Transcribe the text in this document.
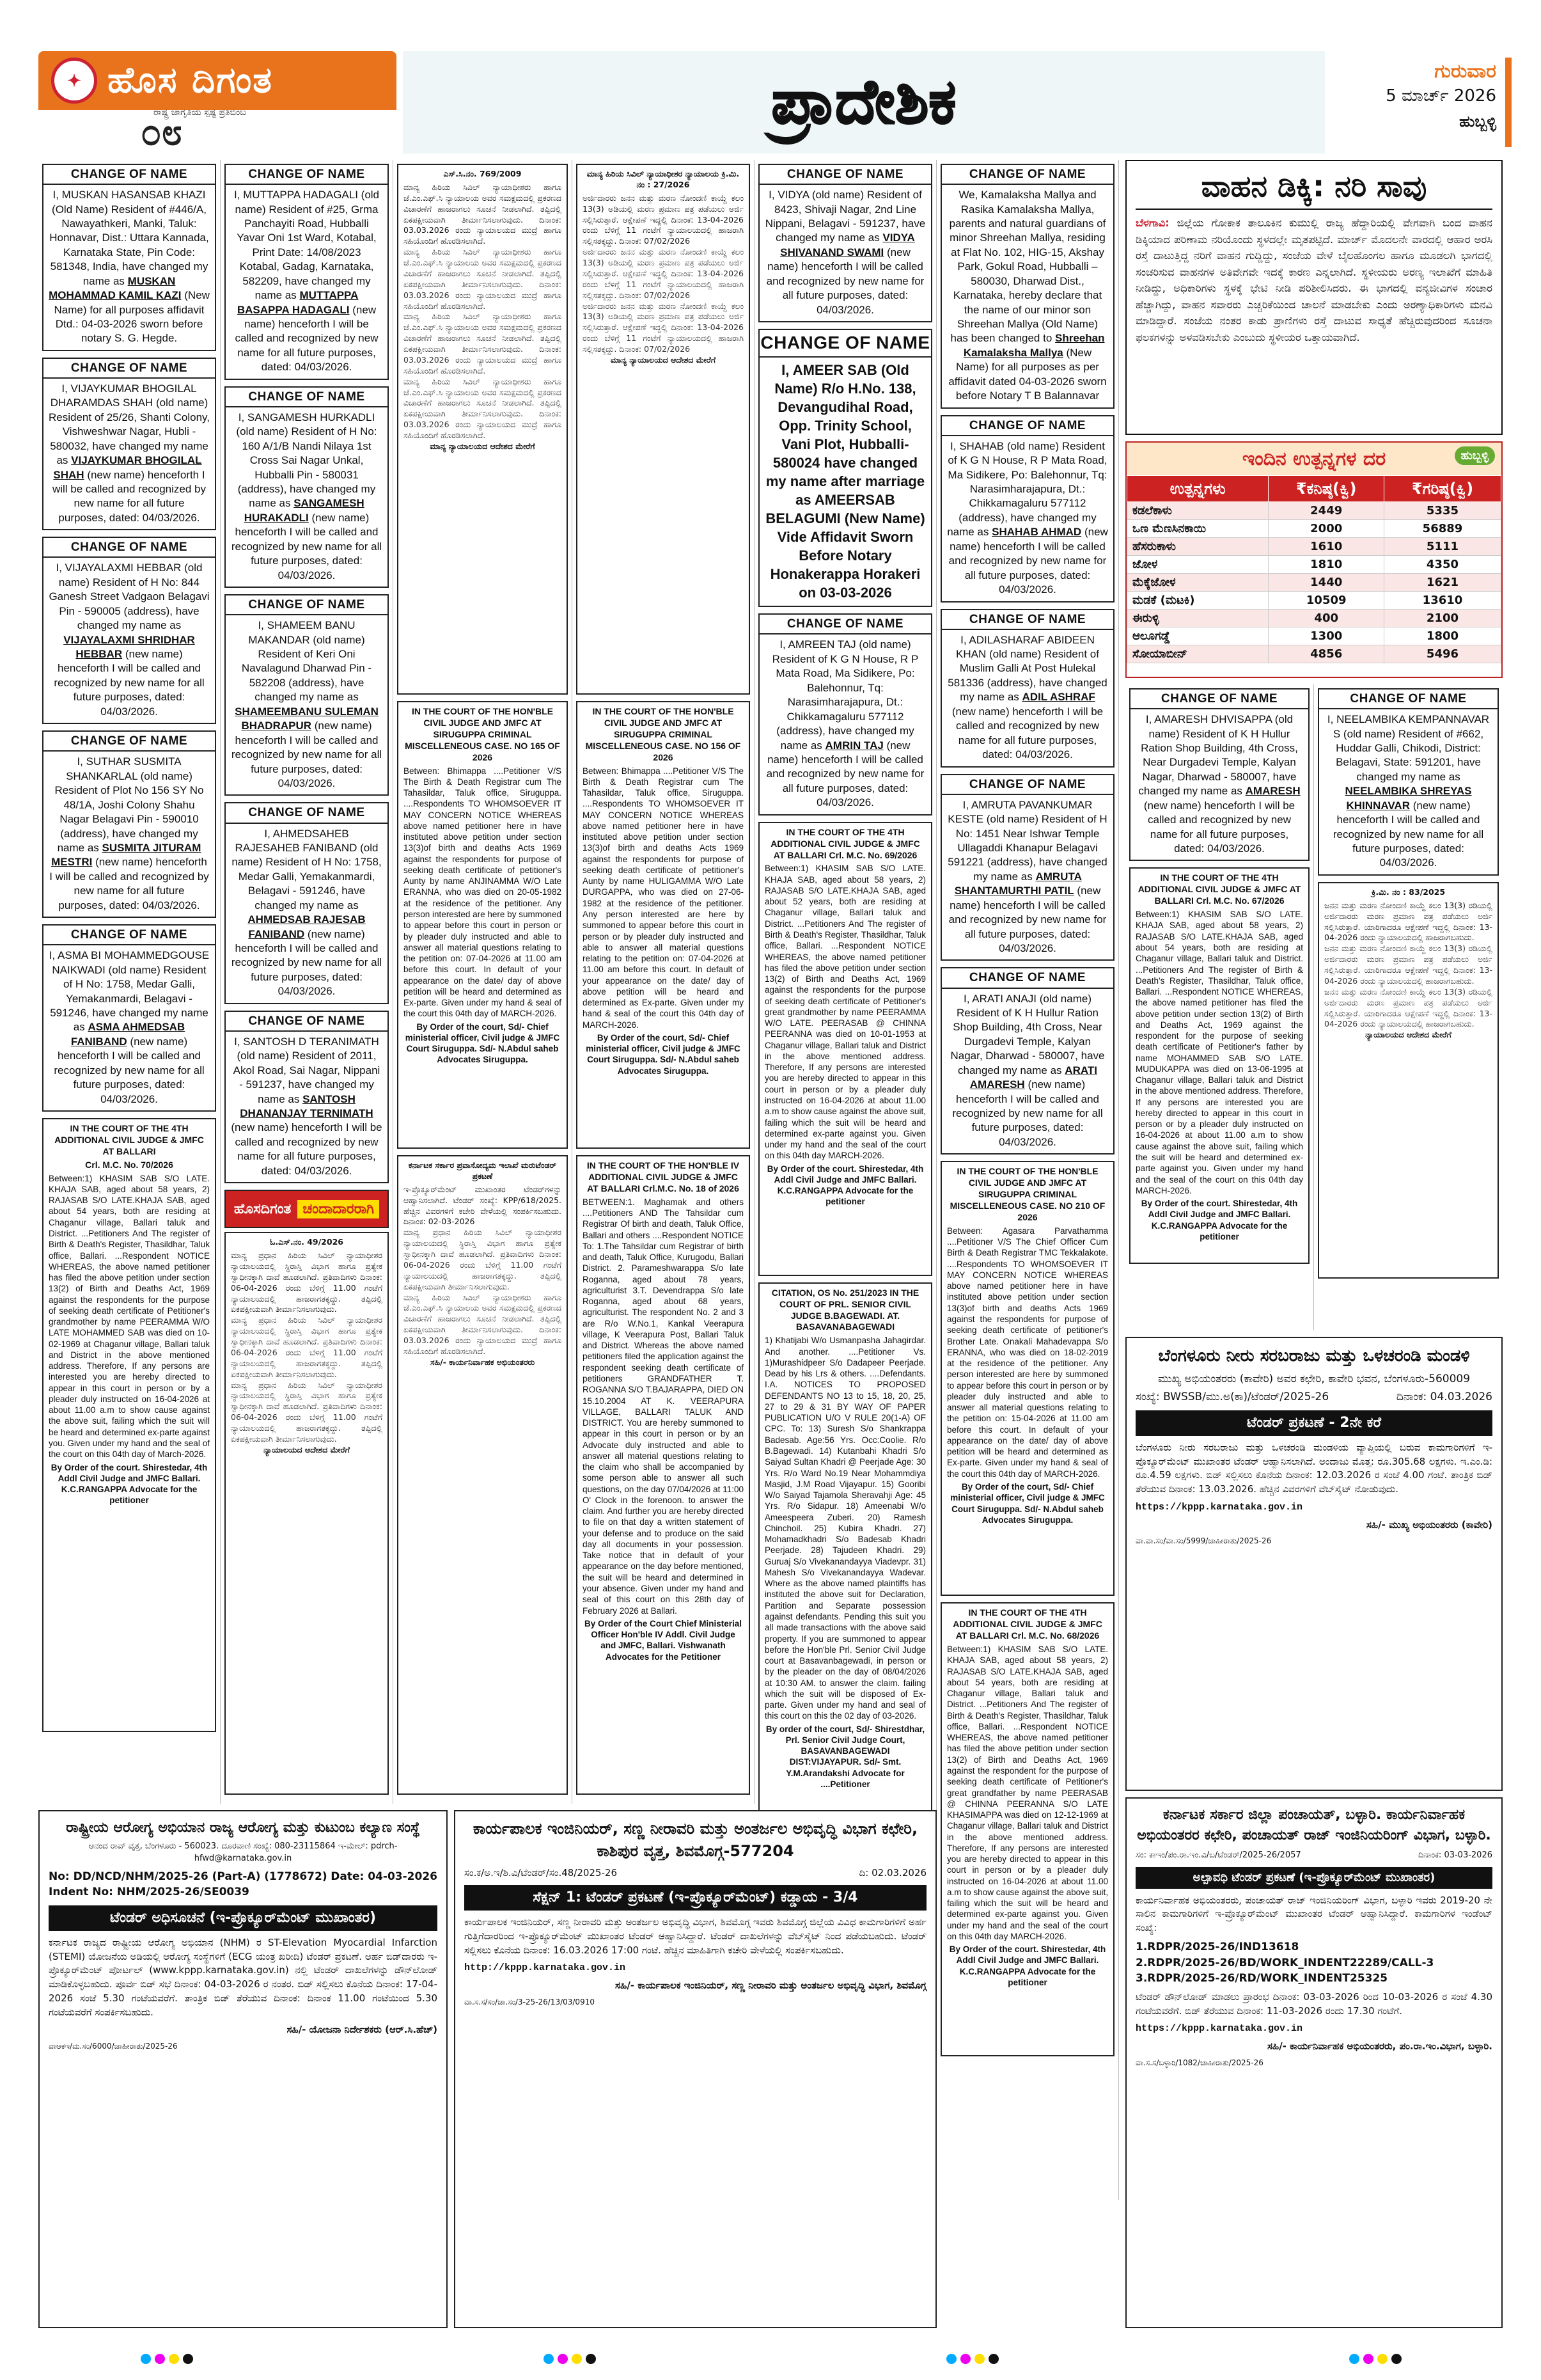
✦ ಹೊಸ ದಿಗಂತ
ರಾಷ್ಟ್ರ ಜಾಗೃತಿಯ ಸ್ಪಷ್ಟ ಪ್ರತಿಬಿಂಬ
೦೮	ಪ್ರಾದೇಶಿಕ	ಗುರುವಾರ
5 ಮಾರ್ಚ್ 2026
ಹುಬ್ಬಳ್ಳಿ
CHANGE OF NAME
I, MUSKAN HASANSAB KHAZI (Old Name) Resident of #446/A, Nawayathkeri, Manki, Taluk: Honnavar, Dist.: Uttara Kannada, Karnataka State, Pin Code: 581348, India, have changed my name as MUSKAN MOHAMMAD KAMIL KAZI (New Name) for all purposes affidavit Dtd.: 04-03-2026 sworn before notary S. G. Hegde.
CHANGE OF NAME
I, VIJAYKUMAR BHOGILAL DHARAMDAS SHAH (old name) Resident of 25/26, Shanti Colony, Vishweshwar Nagar, Hubli - 580032, have changed my name as VIJAYKUMAR BHOGILAL SHAH (new name) henceforth I will be called and recognized by new name for all future purposes, dated: 04/03/2026.
CHANGE OF NAME
I, VIJAYALAXMI HEBBAR (old name) Resident of H No: 844 Ganesh Street Vadgaon Belagavi Pin - 590005 (address), have changed my name as VIJAYALAXMI SHRIDHAR HEBBAR (new name) henceforth I will be called and recognized by new name for all future purposes, dated: 04/03/2026.
CHANGE OF NAME
I, SUTHAR SUSMITA SHANKARLAL (old name) Resident of Plot No 156 SY No 48/1A, Joshi Colony Shahu Nagar Belagavi Pin - 590010 (address), have changed my name as SUSMITA JITURAM MESTRI (new name) henceforth I will be called and recognized by new name for all future purposes, dated: 04/03/2026.
CHANGE OF NAME
I, ASMA BI MOHAMMEDGOUSE NAIKWADI (old name) Resident of H No: 1758, Medar Galli, Yemakanmardi, Belagavi - 591246, have changed my name as ASMA AHMEDSAB FANIBAND (new name) henceforth I will be called and recognized by new name for all future purposes, dated: 04/03/2026.
IN THE COURT OF THE 4TH ADDITIONAL CIVIL JUDGE & JMFC AT BALLARI
Crl. M.C. No. 70/2026

Between:1) KHASIM SAB S/O LATE. KHAJA SAB, aged about 58 years, 2) RAJASAB S/O LATE.KHAJA SAB, aged about 54 years, both are residing at Chaganur village, Ballari taluk and District. ...Petitioners And The register of Birth & Death's Register, Thasildhar, Taluk office, Ballari. ...Respondent NOTICE WHEREAS, the above named petitioner has filed the above petition under section 13(2) of Birth and Deaths Act, 1969 against the respondents for the purpose of seeking death certificate of Petitioner's grandmother by name PEERAMMA W/O LATE MOHAMMED SAB was died on 10-02-1969 at Chaganur village, Ballari taluk and District in the above mentioned address. Therefore, If any persons are interested you are hereby directed to appear in this court in person or by a pleader duly instructed on 16-04-2026 at about 11.00 a.m to show cause against the above suit, failing which the suit will be heard and determined ex-parte against you. Given under my hand and the seal of the court on this 04th day of March-2026.

By Order of the court. Shirestedar, 4th Addl Civil Judge and JMFC Ballari. K.C.RANGAPPA Advocate for the petitioner

CHANGE OF NAME
I, MUTTAPPA HADAGALI (old name) Resident of #25, Grma Panchayiti Road, Hubballi Yavar Oni 1st Ward, Kotabal, Print Date: 14/08/2023 Kotabal, Gadag, Karnataka, 582209, have changed my name as MUTTAPPA BASAPPA HADAGALI (new name) henceforth I will be called and recognized by new name for all future purposes, dated: 04/03/2026.
CHANGE OF NAME
I, SANGAMESH HURKADLI (old name) Resident of H No: 160 A/1/B Nandi Nilaya 1st Cross Sai Nagar Unkal, Hubballi Pin - 580031 (address), have changed my name as SANGAMESH HURAKADLI (new name) henceforth I will be called and recognized by new name for all future purposes, dated: 04/03/2026.
CHANGE OF NAME
I, SHAMEEM BANU MAKANDAR (old name) Resident of Keri Oni Navalagund Dharwad Pin - 582208 (address), have changed my name as SHAMEEMBANU SULEMAN BHADRAPUR (new name) henceforth I will be called and recognized by new name for all future purposes, dated: 04/03/2026.
CHANGE OF NAME
I, AHMEDSAHEB RAJESAHEB FANIBAND (old name) Resident of H No: 1758, Medar Galli, Yemakanmardi, Belagavi - 591246, have changed my name as AHMEDSAB RAJESAB FANIBAND (new name) henceforth I will be called and recognized by new name for all future purposes, dated: 04/03/2026.
CHANGE OF NAME
I, SANTOSH D TERANIMATH (old name) Resident of 2011, Akol Road, Sai Nagar, Nippani - 591237, have changed my name as SANTOSH DHANANJAY TERNIMATH (new name) henceforth I will be called and recognized by new name for all future purposes, dated: 04/03/2026.
ಹೊಸದಿಗಂತ ಚಂದಾದಾರರಾಗಿ
ಓ.ಎಸ್.ನಂ. 49/2026

ಮಾನ್ಯ ಪ್ರಧಾನ ಹಿರಿಯ ಸಿವಿಲ್ ನ್ಯಾಯಾಧೀಶರ ನ್ಯಾಯಾಲಯದಲ್ಲಿ ಸ್ಥಿರಾಸ್ತಿ ವಿಭಾಗ ಹಾಗೂ ಪ್ರತ್ಯೇಕ ಸ್ವಾಧೀನಕ್ಕಾಗಿ ದಾವೆ ಹೂಡಲಾಗಿದೆ. ಪ್ರತಿವಾದಿಗಳು ದಿನಾಂಕ: 06-04-2026 ರಂದು ಬೆಳಿಗ್ಗೆ 11.00 ಗಂಟೆಗೆ ನ್ಯಾಯಾಲಯದಲ್ಲಿ ಹಾಜರಾಗತಕ್ಕದ್ದು. ತಪ್ಪಿದಲ್ಲಿ ಏಕಪಕ್ಷೀಯವಾಗಿ ತೀರ್ಮಾನಿಸಲಾಗುವುದು.

ಮಾನ್ಯ ಪ್ರಧಾನ ಹಿರಿಯ ಸಿವಿಲ್ ನ್ಯಾಯಾಧೀಶರ ನ್ಯಾಯಾಲಯದಲ್ಲಿ ಸ್ಥಿರಾಸ್ತಿ ವಿಭಾಗ ಹಾಗೂ ಪ್ರತ್ಯೇಕ ಸ್ವಾಧೀನಕ್ಕಾಗಿ ದಾವೆ ಹೂಡಲಾಗಿದೆ. ಪ್ರತಿವಾದಿಗಳು ದಿನಾಂಕ: 06-04-2026 ರಂದು ಬೆಳಿಗ್ಗೆ 11.00 ಗಂಟೆಗೆ ನ್ಯಾಯಾಲಯದಲ್ಲಿ ಹಾಜರಾಗತಕ್ಕದ್ದು. ತಪ್ಪಿದಲ್ಲಿ ಏಕಪಕ್ಷೀಯವಾಗಿ ತೀರ್ಮಾನಿಸಲಾಗುವುದು.

ಮಾನ್ಯ ಪ್ರಧಾನ ಹಿರಿಯ ಸಿವಿಲ್ ನ್ಯಾಯಾಧೀಶರ ನ್ಯಾಯಾಲಯದಲ್ಲಿ ಸ್ಥಿರಾಸ್ತಿ ವಿಭಾಗ ಹಾಗೂ ಪ್ರತ್ಯೇಕ ಸ್ವಾಧೀನಕ್ಕಾಗಿ ದಾವೆ ಹೂಡಲಾಗಿದೆ. ಪ್ರತಿವಾದಿಗಳು ದಿನಾಂಕ: 06-04-2026 ರಂದು ಬೆಳಿಗ್ಗೆ 11.00 ಗಂಟೆಗೆ ನ್ಯಾಯಾಲಯದಲ್ಲಿ ಹಾಜರಾಗತಕ್ಕದ್ದು. ತಪ್ಪಿದಲ್ಲಿ ಏಕಪಕ್ಷೀಯವಾಗಿ ತೀರ್ಮಾನಿಸಲಾಗುವುದು.

ನ್ಯಾಯಾಲಯದ ಆದೇಶದ ಮೇರೆಗೆ

ಎಸ್.ಸಿ.ನಂ. 769/2009

ಮಾನ್ಯ ಹಿರಿಯ ಸಿವಿಲ್ ನ್ಯಾಯಾಧೀಶರು ಹಾಗೂ ಜೆ.ಎಂ.ಎಫ್.ಸಿ ನ್ಯಾಯಾಲಯ ಅವರ ಸಮಕ್ಷಮದಲ್ಲಿ ಪ್ರಕರಣದ ವಿಚಾರಣೆಗೆ ಹಾಜರಾಗಲು ಸೂಚನೆ ನೀಡಲಾಗಿದೆ. ತಪ್ಪಿದಲ್ಲಿ ಏಕಪಕ್ಷೀಯವಾಗಿ ತೀರ್ಮಾನಿಸಲಾಗುವುದು. ದಿನಾಂಕ: 03.03.2026 ರಂದು ನ್ಯಾಯಾಲಯದ ಮುದ್ರೆ ಹಾಗೂ ಸಹಿಯೊಂದಿಗೆ ಹೊರಡಿಸಲಾಗಿದೆ.

ಮಾನ್ಯ ಹಿರಿಯ ಸಿವಿಲ್ ನ್ಯಾಯಾಧೀಶರು ಹಾಗೂ ಜೆ.ಎಂ.ಎಫ್.ಸಿ ನ್ಯಾಯಾಲಯ ಅವರ ಸಮಕ್ಷಮದಲ್ಲಿ ಪ್ರಕರಣದ ವಿಚಾರಣೆಗೆ ಹಾಜರಾಗಲು ಸೂಚನೆ ನೀಡಲಾಗಿದೆ. ತಪ್ಪಿದಲ್ಲಿ ಏಕಪಕ್ಷೀಯವಾಗಿ ತೀರ್ಮಾನಿಸಲಾಗುವುದು. ದಿನಾಂಕ: 03.03.2026 ರಂದು ನ್ಯಾಯಾಲಯದ ಮುದ್ರೆ ಹಾಗೂ ಸಹಿಯೊಂದಿಗೆ ಹೊರಡಿಸಲಾಗಿದೆ.

ಮಾನ್ಯ ಹಿರಿಯ ಸಿವಿಲ್ ನ್ಯಾಯಾಧೀಶರು ಹಾಗೂ ಜೆ.ಎಂ.ಎಫ್.ಸಿ ನ್ಯಾಯಾಲಯ ಅವರ ಸಮಕ್ಷಮದಲ್ಲಿ ಪ್ರಕರಣದ ವಿಚಾರಣೆಗೆ ಹಾಜರಾಗಲು ಸೂಚನೆ ನೀಡಲಾಗಿದೆ. ತಪ್ಪಿದಲ್ಲಿ ಏಕಪಕ್ಷೀಯವಾಗಿ ತೀರ್ಮಾನಿಸಲಾಗುವುದು. ದಿನಾಂಕ: 03.03.2026 ರಂದು ನ್ಯಾಯಾಲಯದ ಮುದ್ರೆ ಹಾಗೂ ಸಹಿಯೊಂದಿಗೆ ಹೊರಡಿಸಲಾಗಿದೆ.

ಮಾನ್ಯ ಹಿರಿಯ ಸಿವಿಲ್ ನ್ಯಾಯಾಧೀಶರು ಹಾಗೂ ಜೆ.ಎಂ.ಎಫ್.ಸಿ ನ್ಯಾಯಾಲಯ ಅವರ ಸಮಕ್ಷಮದಲ್ಲಿ ಪ್ರಕರಣದ ವಿಚಾರಣೆಗೆ ಹಾಜರಾಗಲು ಸೂಚನೆ ನೀಡಲಾಗಿದೆ. ತಪ್ಪಿದಲ್ಲಿ ಏಕಪಕ್ಷೀಯವಾಗಿ ತೀರ್ಮಾನಿಸಲಾಗುವುದು. ದಿನಾಂಕ: 03.03.2026 ರಂದು ನ್ಯಾಯಾಲಯದ ಮುದ್ರೆ ಹಾಗೂ ಸಹಿಯೊಂದಿಗೆ ಹೊರಡಿಸಲಾಗಿದೆ.

ಮಾನ್ಯ ನ್ಯಾಯಾಲಯದ ಆದೇಶದ ಮೇರೆಗೆ

IN THE COURT OF THE HON'BLE CIVIL JUDGE AND JMFC AT SIRUGUPPA CRIMINAL MISCELLENEOUS CASE. NO 165 OF 2026

Between: Bhimappa ....Petitioner V/S The Birth & Death Registrar cum The Tahasildar, Taluk office, Siruguppa. ....Respondents TO WHOMSOEVER IT MAY CONCERN NOTICE WHEREAS above named petitioner here in have instituted above petition under section 13(3)of birth and deaths Acts 1969 against the respondents for purpose of seeking death certificate of petitioner's Aunty by name ANJINAMMA W/O Late ERANNA, who was died on 20-05-1982 at the residence of the petitioner. Any person interested are here by summoned to appear before this court in person or by pleader duly instructed and able to answer all material questions relating to the petition on: 07-04-2026 at 11.00 am before this court. In default of your appearance on the date/ day of above petition will be heard and determined as Ex-parte. Given under my hand & seal of the court this 04th day of MARCH-2026.

By Order of the court, Sd/- Chief ministerial officer, Civil judge & JMFC Court Siruguppa. Sd/- N.Abdul saheb Advocates Siruguppa.

ಕರ್ನಾಟಕ ಸರ್ಕಾರ ಪ್ರವಾಸೋದ್ಯಮ ಇಲಾಖೆ ಮರುಟೆಂಡರ್ ಪ್ರಕಟಣೆ

ಇ-ಪ್ರೊಕ್ಯೂರ್‌ಮೆಂಟ್ ಮುಖಾಂತರ ಟೆಂಡರ್‌ಗಳನ್ನು ಆಹ್ವಾನಿಸಲಾಗಿದೆ. ಟೆಂಡರ್ ಸಂಖ್ಯೆ: KPP/618/2025. ಹೆಚ್ಚಿನ ವಿವರಗಳಿಗೆ ಕಚೇರಿ ವೇಳೆಯಲ್ಲಿ ಸಂಪರ್ಕಿಸಬಹುದು. ದಿನಾಂಕ: 02-03-2026

ಮಾನ್ಯ ಪ್ರಧಾನ ಹಿರಿಯ ಸಿವಿಲ್ ನ್ಯಾಯಾಧೀಶರ ನ್ಯಾಯಾಲಯದಲ್ಲಿ ಸ್ಥಿರಾಸ್ತಿ ವಿಭಾಗ ಹಾಗೂ ಪ್ರತ್ಯೇಕ ಸ್ವಾಧೀನಕ್ಕಾಗಿ ದಾವೆ ಹೂಡಲಾಗಿದೆ. ಪ್ರತಿವಾದಿಗಳು ದಿನಾಂಕ: 06-04-2026 ರಂದು ಬೆಳಿಗ್ಗೆ 11.00 ಗಂಟೆಗೆ ನ್ಯಾಯಾಲಯದಲ್ಲಿ ಹಾಜರಾಗತಕ್ಕದ್ದು. ತಪ್ಪಿದಲ್ಲಿ ಏಕಪಕ್ಷೀಯವಾಗಿ ತೀರ್ಮಾನಿಸಲಾಗುವುದು.

ಮಾನ್ಯ ಹಿರಿಯ ಸಿವಿಲ್ ನ್ಯಾಯಾಧೀಶರು ಹಾಗೂ ಜೆ.ಎಂ.ಎಫ್.ಸಿ ನ್ಯಾಯಾಲಯ ಅವರ ಸಮಕ್ಷಮದಲ್ಲಿ ಪ್ರಕರಣದ ವಿಚಾರಣೆಗೆ ಹಾಜರಾಗಲು ಸೂಚನೆ ನೀಡಲಾಗಿದೆ. ತಪ್ಪಿದಲ್ಲಿ ಏಕಪಕ್ಷೀಯವಾಗಿ ತೀರ್ಮಾನಿಸಲಾಗುವುದು. ದಿನಾಂಕ: 03.03.2026 ರಂದು ನ್ಯಾಯಾಲಯದ ಮುದ್ರೆ ಹಾಗೂ ಸಹಿಯೊಂದಿಗೆ ಹೊರಡಿಸಲಾಗಿದೆ.

ಸಹಿ/- ಕಾರ್ಯನಿರ್ವಾಹಕ ಅಭಿಯಂತರರು

ಮಾನ್ಯ ಹಿರಿಯ ಸಿವಿಲ್ ನ್ಯಾಯಾಧೀಶರ ನ್ಯಾಯಾಲಯ ಕ್ರಿ.ಮಿ. ನಂ : 27/2026

ಅರ್ಜಿದಾರರು ಜನನ ಮತ್ತು ಮರಣ ನೋಂದಣಿ ಕಾಯ್ದೆ ಕಲಂ 13(3) ಅಡಿಯಲ್ಲಿ ಮರಣ ಪ್ರಮಾಣ ಪತ್ರ ಪಡೆಯಲು ಅರ್ಜಿ ಸಲ್ಲಿಸಿರುತ್ತಾರೆ. ಆಕ್ಷೇಪಣೆ ಇದ್ದಲ್ಲಿ ದಿನಾಂಕ: 13-04-2026 ರಂದು ಬೆಳಿಗ್ಗೆ 11 ಗಂಟೆಗೆ ನ್ಯಾಯಾಲಯದಲ್ಲಿ ಹಾಜರಾಗಿ ಸಲ್ಲಿಸತಕ್ಕದ್ದು. ದಿನಾಂಕ: 07/02/2026

ಅರ್ಜಿದಾರರು ಜನನ ಮತ್ತು ಮರಣ ನೋಂದಣಿ ಕಾಯ್ದೆ ಕಲಂ 13(3) ಅಡಿಯಲ್ಲಿ ಮರಣ ಪ್ರಮಾಣ ಪತ್ರ ಪಡೆಯಲು ಅರ್ಜಿ ಸಲ್ಲಿಸಿರುತ್ತಾರೆ. ಆಕ್ಷೇಪಣೆ ಇದ್ದಲ್ಲಿ ದಿನಾಂಕ: 13-04-2026 ರಂದು ಬೆಳಿಗ್ಗೆ 11 ಗಂಟೆಗೆ ನ್ಯಾಯಾಲಯದಲ್ಲಿ ಹಾಜರಾಗಿ ಸಲ್ಲಿಸತಕ್ಕದ್ದು. ದಿನಾಂಕ: 07/02/2026

ಅರ್ಜಿದಾರರು ಜನನ ಮತ್ತು ಮರಣ ನೋಂದಣಿ ಕಾಯ್ದೆ ಕಲಂ 13(3) ಅಡಿಯಲ್ಲಿ ಮರಣ ಪ್ರಮಾಣ ಪತ್ರ ಪಡೆಯಲು ಅರ್ಜಿ ಸಲ್ಲಿಸಿರುತ್ತಾರೆ. ಆಕ್ಷೇಪಣೆ ಇದ್ದಲ್ಲಿ ದಿನಾಂಕ: 13-04-2026 ರಂದು ಬೆಳಿಗ್ಗೆ 11 ಗಂಟೆಗೆ ನ್ಯಾಯಾಲಯದಲ್ಲಿ ಹಾಜರಾಗಿ ಸಲ್ಲಿಸತಕ್ಕದ್ದು. ದಿನಾಂಕ: 07/02/2026

ಮಾನ್ಯ ನ್ಯಾಯಾಲಯದ ಆದೇಶದ ಮೇರೆಗೆ

IN THE COURT OF THE HON'BLE CIVIL JUDGE AND JMFC AT SIRUGUPPA CRIMINAL MISCELLENEOUS CASE. NO 156 OF 2026

Between: Bhimappa ....Petitioner V/S The Birth & Death Registrar cum The Tahasildar, Taluk office, Siruguppa. ....Respondents TO WHOMSOEVER IT MAY CONCERN NOTICE WHEREAS above named petitioner here in have instituted above petition under section 13(3)of birth and deaths Acts 1969 against the respondents for purpose of seeking death certificate of petitioner's Aunty by name HULIGAMMA W/O Late DURGAPPA, who was died on 27-06-1982 at the residence of the petitioner. Any person interested are here by summoned to appear before this court in person or by pleader duly instructed and able to answer all material questions relating to the petition on: 07-04-2026 at 11.00 am before this court. In default of your appearance on the date/ day of above petition will be heard and determined as Ex-parte. Given under my hand & seal of the court this 04th day of MARCH-2026.

By Order of the court, Sd/- Chief ministerial officer, Civil judge & JMFC Court Siruguppa. Sd/- N.Abdul saheb Advocates Siruguppa.

IN THE COURT OF THE HON'BLE IV ADDITIONAL CIVIL JUDGE & JMFC AT BALLARI Crl.M.C. No. 18 of 2026

BETWEEN:1. Maghamak and others ....Petitioners AND The Tahsildar cum Registrar Of birth and death, Taluk Office, Ballari and others ....Respondent NOTICE To: 1.The Tahsildar cum Registrar of birth and death, Taluk Office, Kurugodu, Ballari District. 2. Parameshwarappa S/o late Roganna, aged about 78 years, agriculturist 3.T. Devendrappa S/o late Roganna, aged about 68 years, agriculturist. The respondent No. 2 and 3 are R/o W.No.1, Kankal Veerapura village, K Veerapura Post, Ballari Taluk and District. Whereas the above named petitioners filed the application against the respondent seeking death certificate of petitioners GRANDFATHER T. ROGANNA S/O T.BAJARAPPA, DIED ON 15.10.2004 AT K. VEERAPURA VILLAGE, BALLARI TALUK AND DISTRICT. You are hereby summoned to appear in this court in person or by an Advocate duly instructed and able to answer all material questions relating to the claim who shall be accompanied by some person able to answer all such questions, on the day 07/04/2026 at 11:00 O' Clock in the forenoon. to answer the claim. And further you are hereby directed to file on that day a written statement of your defense and to produce on the said day all documents in your possession. Take notice that in default of your appearance on the day before mentioned, the suit will be heard and determined in your absence. Given under my hand and seal of this court on this 28th day of February 2026 at Ballari.

By Order of the Court Chief Ministerial Officer Hon'ble IV Addl. Civil Judge and JMFC, Ballari. Vishwanath Advocates for the Petitioner

CHANGE OF NAME
I, VIDYA (old name) Resident of 8423, Shivaji Nagar, 2nd Line Nippani, Belagavi - 591237, have changed my name as VIDYA SHIVANAND SWAMI (new name) henceforth I will be called and recognized by new name for all future purposes, dated: 04/03/2026.
CHANGE OF NAME
I, AMEER SAB (Old Name) R/o H.No. 138, Devangudihal Road, Opp. Trinity School, Vani Plot, Hubballi-580024 have changed my name after marriage as AMEERSAB BELAGUMI (New Name) Vide Affidavit Sworn Before Notary Honakerappa Horakeri on 03-03-2026
CHANGE OF NAME
I, AMREEN TAJ (old name) Resident of K G N House, R P Mata Road, Ma Sidikere, Po: Balehonnur, Tq: Narasimharajapura, Dt.: Chikkamagaluru 577112 (address), have changed my name as AMRIN TAJ (new name) henceforth I will be called and recognized by new name for all future purposes, dated: 04/03/2026.
IN THE COURT OF THE 4TH ADDITIONAL CIVIL JUDGE & JMFC AT BALLARI Crl. M.C. No. 69/2026

Between:1) KHASIM SAB S/O LATE. KHAJA SAB, aged about 58 years, 2) RAJASAB S/O LATE.KHAJA SAB, aged about 52 years, both are residing at Chaganur village, Ballari taluk and District. ...Petitioners And The register of Birth & Death's Register, Thasildhar, Taluk office, Ballari. ...Respondent NOTICE WHEREAS, the above named petitioner has filed the above petition under section 13(2) of Birth and Deaths Act, 1969 against the respondents for the purpose of seeking death certificate of Petitioner's great grandmother by name PEERAMMA W/O LATE. PEERASAB @ CHINNA PEERANNA was died on 10-01-1953 at Chaganur village, Ballari taluk and District in the above mentioned address. Therefore, If any persons are interested you are hereby directed to appear in this court in person or by a pleader duly instructed on 16-04-2026 at about 11.00 a.m to show cause against the above suit, failing which the suit will be heard and determined ex-parte against you. Given under my hand and the seal of the court on this 04th day MARCH-2026.

By Order of the court. Shirestedar, 4th Addl Civil Judge and JMFC Ballari. K.C.RANGAPPA Advocate for the petitioner

CITATION, OS No. 251/2023 IN THE COURT OF PRL. SENIOR CIVIL JUDGE B.BAGEWADI. AT. BASAVANABAGEWADI

1) Khatijabi W/o Usmanpasha Jahagirdar. And another. ....Petitioner Vs. 1)Murashidpeer S/o Dadapeer Peerjade. Dead by his Lrs & others. ....Defendants. I.A. NOTICES TO PROPOSED DEFENDANTS NO 13 to 15, 18, 20, 25, 27 to 29 & 31 BY WAY OF PAPER PUBLICATION U/O V RULE 20(1-A) OF CPC. To: 13) Suresh S/o Shankrappa Badesab. Age:56 Yrs. Occ:Coolie. R/o B.Bagewadi. 14) Kutanbahi Khadri S/o Saiyad Sultan Khadri @ Peerjade Age: 30 Yrs. R/o Ward No.19 Near Mohammdiya Masjid, J.M Road Vijayapur. 15) Gooribi W/o Saiyad Tajamola Sheravahji Age: 45 Yrs. R/o Sidapur. 18) Ameenabi W/o Ameespeera Zuberi. 20) Ramesh Chinchoil. 25) Kubira Khadri. 27) Mohamadkhadri S/o Badesab Khadri Peerjade. 28) Tajudeen Khadri. 29) Guruaj S/o Vivekanandayya Viadevpr. 31) Mahesh S/o Vivekanandayya Wadevar. Where as the above named plaintiffs has instituted the above suit for Declaration, Partition and Separate possession against defendants. Pending this suit you all made transactions with the above said property. If you are summoned to appear before the Hon'ble Prl. Senior Civil Judge court at Basavanbagewadi, in person or by the pleader on the day of 08/04/2026 at 10:30 AM. to answer the claim. failing which the suit will be disposed of Ex-parte. Given under my hand and seal of this court on this the 02 day of 03-2026.

By order of the court, Sd/- Shirestdhar, Prl. Senior Civil Judge Court, BASAVANBAGEWADI DIST:VIJAYAPUR. Sd/- Smt. Y.M.Arandakshi Advocate for ....Petitioner

CHANGE OF NAME
We, Kamalaksha Mallya and Rasika Kamalaksha Mallya, parents and natural guardians of minor Shreehan Mallya, residing at Flat No. 102, HIG-15, Akshay Park, Gokul Road, Hubballi – 580030, Dharwad Dist., Karnataka, hereby declare that the name of our minor son Shreehan Mallya (Old Name) has been changed to Shreehan Kamalaksha Mallya (New Name) for all purposes as per affidavit dated 04-03-2026 sworn before Notary T B Balannavar
CHANGE OF NAME
I, SHAHAB (old name) Resident of K G N House, R P Mata Road, Ma Sidikere, Po: Balehonnur, Tq: Narasimharajapura, Dt.: Chikkamagaluru 577112 (address), have changed my name as SHAHAB AHMAD (new name) henceforth I will be called and recognized by new name for all future purposes, dated: 04/03/2026.
CHANGE OF NAME
I, ADILASHARAF ABIDEEN KHAN (old name) Resident of Muslim Galli At Post Hulekal 581336 (address), have changed my name as ADIL ASHRAF (new name) henceforth I will be called and recognized by new name for all future purposes, dated: 04/03/2026.
CHANGE OF NAME
I, AMRUTA PAVANKUMAR KESTE (old name) Resident of H No: 1451 Near Ishwar Temple Ullagaddi Khanapur Belagavi 591221 (address), have changed my name as AMRUTA SHANTAMURTHI PATIL (new name) henceforth I will be called and recognized by new name for all future purposes, dated: 04/03/2026.
CHANGE OF NAME
I, ARATI ANAJI (old name) Resident of K H Hullur Ration Shop Building, 4th Cross, Near Durgadevi Temple, Kalyan Nagar, Dharwad - 580007, have changed my name as ARATI AMARESH (new name) henceforth I will be called and recognized by new name for all future purposes, dated: 04/03/2026.
IN THE COURT OF THE HON'BLE CIVIL JUDGE AND JMFC AT SIRUGUPPA CRIMINAL MISCELLENEOUS CASE. NO 210 OF 2026

Between: Agasara Parvathamma ....Petitioner V/S The Chief Officer Cum Birth & Death Registrar TMC Tekkalakote. ....Respondents TO WHOMSOEVER IT MAY CONCERN NOTICE WHEREAS above named petitioner here in have instituted above petition under section 13(3)of birth and deaths Acts 1969 against the respondents for purpose of seeking death certificate of petitioner's Brother Late. Onakali Mahadevappa S/o ERANNA, who was died on 18-02-2019 at the residence of the petitioner. Any person interested are here by summoned to appear before this court in person or by pleader duly instructed and able to answer all material questions relating to the petition on: 15-04-2026 at 11.00 am before this court. In default of your appearance on the date/ day of above petition will be heard and determined as Ex-parte. Given under my hand & seal of the court this 04th day of MARCH-2026.

By Order of the court, Sd/- Chief ministerial officer, Civil judge & JMFC Court Siruguppa. Sd/- N.Abdul saheb Advocates Siruguppa.

IN THE COURT OF THE 4TH ADDITIONAL CIVIL JUDGE & JMFC AT BALLARI Crl. M.C. No. 68/2026

Between:1) KHASIM SAB S/O LATE. KHAJA SAB, aged about 58 years, 2) RAJASAB S/O LATE.KHAJA SAB, aged about 54 years, both are residing at Chaganur village, Ballari taluk and District. ...Petitioners And The register of Birth & Death's Register, Thasildhar, Taluk office, Ballari. ...Respondent NOTICE WHEREAS, the above named petitioner has filed the above petition under section 13(2) of Birth and Deaths Act, 1969 against the respondent for the purpose of seeking death certificate of Petitioner's great grandfather by name PEERASAB @ CHINNA PEERANNA S/O LATE KHASIMAPPA was died on 12-12-1969 at Chaganur village, Ballari taluk and District in the above mentioned address. Therefore, If any persons are interested you are hereby directed to appear in this court in person or by a pleader duly instructed on 16-04-2026 at about 11.00 a.m to show cause against the above suit, failing which the suit will be heard and determined ex-parte against you. Given under my hand and the seal of the court on this 04th day MARCH-2026.

By Order of the court. Shirestedar, 4th Addl Civil Judge and JMFC Ballari. K.C.RANGAPPA Advocate for the petitioner

ವಾಹನ ಡಿಕ್ಕಿ: ನರಿ ಸಾವು
ಬೆಳಗಾವಿ: ಜಿಲ್ಲೆಯ ಗೋಕಾಕ ತಾಲೂಕಿನ ಕುಮುಲ್ಲಿ ರಾಜ್ಯ ಹೆದ್ದಾರಿಯಲ್ಲಿ ವೇಗವಾಗಿ ಬಂದ ವಾಹನ ಡಿಕ್ಕಿಯಾದ ಪರಿಣಾಮ ನರಿಯೊಂದು ಸ್ಥಳದಲ್ಲೇ ಮೃತಪಟ್ಟಿದೆ. ಮಾರ್ಚ್ ಮೊದಲನೇ ವಾರದಲ್ಲಿ ಆಹಾರ ಅರಸಿ ರಸ್ತೆ ದಾಟುತ್ತಿದ್ದ ನರಿಗೆ ವಾಹನ ಗುದ್ದಿದ್ದು, ಸಂಜೆಯ ವೇಳೆ ಬೈಲಹೊಂಗಲ ಹಾಗೂ ಮೂಡಲಗಿ ಭಾಗದಲ್ಲಿ ಸಂಚರಿಸುವ ವಾಹನಗಳ ಅತಿವೇಗವೇ ಇದಕ್ಕೆ ಕಾರಣ ಎನ್ನಲಾಗಿದೆ. ಸ್ಥಳೀಯರು ಅರಣ್ಯ ಇಲಾಖೆಗೆ ಮಾಹಿತಿ ನೀಡಿದ್ದು, ಅಧಿಕಾರಿಗಳು ಸ್ಥಳಕ್ಕೆ ಭೇಟಿ ನೀಡಿ ಪರಿಶೀಲಿಸಿದರು. ಈ ಭಾಗದಲ್ಲಿ ವನ್ಯಜೀವಿಗಳ ಸಂಚಾರ ಹೆಚ್ಚಾಗಿದ್ದು, ವಾಹನ ಸವಾರರು ಎಚ್ಚರಿಕೆಯಿಂದ ಚಾಲನೆ ಮಾಡಬೇಕು ಎಂದು ಅರಣ್ಯಾಧಿಕಾರಿಗಳು ಮನವಿ ಮಾಡಿದ್ದಾರೆ. ಸಂಜೆಯ ನಂತರ ಕಾಡು ಪ್ರಾಣಿಗಳು ರಸ್ತೆ ದಾಟುವ ಸಾಧ್ಯತೆ ಹೆಚ್ಚಿರುವುದರಿಂದ ಸೂಚನಾ ಫಲಕಗಳನ್ನು ಅಳವಡಿಸಬೇಕು ಎಂಬುದು ಸ್ಥಳೀಯರ ಒತ್ತಾಯವಾಗಿದೆ.
ಇಂದಿನ ಉತ್ಪನ್ನಗಳ ದರ	ಹುಬ್ಬಳ್ಳಿ
ಉತ್ಪನ್ನಗಳು	₹ಕನಿಷ್ಠ(ಕ್ವಿ)	₹ಗರಿಷ್ಠ(ಕ್ವಿ)
ಕಡಲೆಕಾಳು	2449	5335
ಒಣ ಮೆಣಸಿನಕಾಯಿ	2000	56889
ಹೆಸರುಕಾಳು	1610	5111
ಜೋಳ	1810	4350
ಮೆಕ್ಕೆಜೋಳ	1440	1621
ಮಡಕೆ (ಮಟಕಿ)	10509	13610
ಈರುಳ್ಳಿ	400	2100
ಆಲೂಗಡ್ಡೆ	1300	1800
ಸೋಯಾಬೀನ್	4856	5496
CHANGE OF NAME
I, AMARESH DHVISAPPA (old name) Resident of K H Hullur Ration Shop Building, 4th Cross, Near Durgadevi Temple, Kalyan Nagar, Dharwad - 580007, have changed my name as AMARESH (new name) henceforth I will be called and recognized by new name for all future purposes, dated: 04/03/2026.
IN THE COURT OF THE 4TH ADDITIONAL CIVIL JUDGE & JMFC AT BALLARI Crl. M.C. No. 67/2026

Between:1) KHASIM SAB S/O LATE. KHAJA SAB, aged about 58 years, 2) RAJASAB S/O LATE.KHAJA SAB, aged about 54 years, both are residing at Chaganur village, Ballari taluk and District. ...Petitioners And The register of Birth & Death's Register, Thasildhar, Taluk office, Ballari. ...Respondent NOTICE WHEREAS, the above named petitioner has filed the above petition under section 13(2) of Birth and Deaths Act, 1969 against the respondent for the purpose of seeking death certificate of Petitioner's father by name MOHAMMED SAB S/O LATE. MUDUKAPPA was died on 13-06-1995 at Chaganur village, Ballari taluk and District in the above mentioned address. Therefore, If any persons are interested you are hereby directed to appear in this court in person or by a pleader duly instructed on 16-04-2026 at about 11.00 a.m to show cause against the above suit, failing which the suit will be heard and determined ex-parte against you. Given under my hand and the seal of the court on this 04th day MARCH-2026.

By Order of the court. Shirestedar, 4th Addl Civil Judge and JMFC Ballari. K.C.RANGAPPA Advocate for the petitioner

CHANGE OF NAME
I, NEELAMBIKA KEMPANNAVAR S (old name) Resident of #662, Huddar Galli, Chikodi, District: Belagavi, State: 591201, have changed my name as NEELAMBIKA SHREYAS KHINNAVAR (new name) henceforth I will be called and recognized by new name for all future purposes, dated: 04/03/2026.
ಕ್ರಿ.ಮಿ. ನಂ : 83/2025

ಜನನ ಮತ್ತು ಮರಣ ನೋಂದಣಿ ಕಾಯ್ದೆ ಕಲಂ 13(3) ರಡಿಯಲ್ಲಿ ಅರ್ಜಿದಾರರು ಮರಣ ಪ್ರಮಾಣ ಪತ್ರ ಪಡೆಯಲು ಅರ್ಜಿ ಸಲ್ಲಿಸಿರುತ್ತಾರೆ. ಯಾರಿಗಾದರೂ ಆಕ್ಷೇಪಣೆ ಇದ್ದಲ್ಲಿ ದಿನಾಂಕ: 13-04-2026 ರಂದು ನ್ಯಾಯಾಲಯದಲ್ಲಿ ಹಾಜರಾಗಬಹುದು.

ಜನನ ಮತ್ತು ಮರಣ ನೋಂದಣಿ ಕಾಯ್ದೆ ಕಲಂ 13(3) ರಡಿಯಲ್ಲಿ ಅರ್ಜಿದಾರರು ಮರಣ ಪ್ರಮಾಣ ಪತ್ರ ಪಡೆಯಲು ಅರ್ಜಿ ಸಲ್ಲಿಸಿರುತ್ತಾರೆ. ಯಾರಿಗಾದರೂ ಆಕ್ಷೇಪಣೆ ಇದ್ದಲ್ಲಿ ದಿನಾಂಕ: 13-04-2026 ರಂದು ನ್ಯಾಯಾಲಯದಲ್ಲಿ ಹಾಜರಾಗಬಹುದು.

ಜನನ ಮತ್ತು ಮರಣ ನೋಂದಣಿ ಕಾಯ್ದೆ ಕಲಂ 13(3) ರಡಿಯಲ್ಲಿ ಅರ್ಜಿದಾರರು ಮರಣ ಪ್ರಮಾಣ ಪತ್ರ ಪಡೆಯಲು ಅರ್ಜಿ ಸಲ್ಲಿಸಿರುತ್ತಾರೆ. ಯಾರಿಗಾದರೂ ಆಕ್ಷೇಪಣೆ ಇದ್ದಲ್ಲಿ ದಿನಾಂಕ: 13-04-2026 ರಂದು ನ್ಯಾಯಾಲಯದಲ್ಲಿ ಹಾಜರಾಗಬಹುದು.

ನ್ಯಾಯಾಲಯದ ಆದೇಶದ ಮೇರೆಗೆ

ಬೆಂಗಳೂರು ನೀರು ಸರಬರಾಜು ಮತ್ತು ಒಳಚರಂಡಿ ಮಂಡಳಿ
ಮುಖ್ಯ ಅಭಿಯಂತರರು (ಕಾವೇರಿ) ಅವರ ಕಛೇರಿ, ಕಾವೇರಿ ಭವನ, ಬೆಂಗಳೂರು-560009
ಸಂಖ್ಯೆ: BWSSB/ಮು.ಅ(ಕಾ)/ಟೆಂಡರ್/2025-26	ದಿನಾಂಕ: 04.03.2026
ಟೆಂಡರ್ ಪ್ರಕಟಣೆ - 2ನೇ ಕರೆ

ಬೆಂಗಳೂರು ನೀರು ಸರಬರಾಜು ಮತ್ತು ಒಳಚರಂಡಿ ಮಂಡಳಿಯ ವ್ಯಾಪ್ತಿಯಲ್ಲಿ ಬರುವ ಕಾಮಗಾರಿಗಳಿಗೆ ಇ-ಪ್ರೊಕ್ಯೂರ್‌ಮೆಂಟ್ ಮುಖಾಂತರ ಟೆಂಡರ್ ಆಹ್ವಾನಿಸಲಾಗಿದೆ. ಅಂದಾಜು ಮೊತ್ತ: ರೂ.305.68 ಲಕ್ಷಗಳು. ಇ.ಎಂ.ಡಿ: ರೂ.4.59 ಲಕ್ಷಗಳು. ಬಿಡ್ ಸಲ್ಲಿಸಲು ಕೊನೆಯ ದಿನಾಂಕ: 12.03.2026 ರ ಸಂಜೆ 4.00 ಗಂಟೆ. ತಾಂತ್ರಿಕ ಬಿಡ್ ತೆರೆಯುವ ದಿನಾಂಕ: 13.03.2026. ಹೆಚ್ಚಿನ ವಿವರಗಳಿಗೆ ವೆಬ್‌ಸೈಟ್ ನೋಡುವುದು.

https://kppp.karnataka.gov.in

ಸಹಿ/- ಮುಖ್ಯ ಅಭಿಯಂತರರು (ಕಾವೇರಿ)

ವಾ.ವಾ.ಸಂ/ವಾ.ಸಂ/5999/ಜಾಹೀರಾತು/2025-26

ರಾಷ್ಟ್ರೀಯ ಆರೋಗ್ಯ ಅಭಿಯಾನ ರಾಜ್ಯ ಆರೋಗ್ಯ ಮತ್ತು ಕುಟುಂಬ ಕಲ್ಯಾಣ ಸಂಸ್ಥೆ
ಆನಂದ ರಾವ್ ವೃತ್ತ, ಬೆಂಗಳೂರು - 560023. ದೂರವಾಣಿ ಸಂಖ್ಯೆ: 080-23115864 ಇ-ಮೇಲ್: pdrch-hfwd@karnataka.gov.in
No: DD/NCD/NHM/2025-26 (Part-A) (1778672) Date: 04-03-2026
Indent No: NHM/2025-26/SE0039
ಟೆಂಡರ್ ಅಧಿಸೂಚನೆ (ಇ-ಪ್ರೊಕ್ಯೂರ್‌ಮೆಂಟ್ ಮುಖಾಂತರ)

ಕರ್ನಾಟಕ ರಾಜ್ಯದ ರಾಷ್ಟ್ರೀಯ ಆರೋಗ್ಯ ಅಭಿಯಾನ (NHM) ರ ST-Elevation Myocardial Infarction (STEMI) ಯೋಜನೆಯ ಅಡಿಯಲ್ಲಿ ಆರೋಗ್ಯ ಸಂಸ್ಥೆಗಳಿಗೆ (ECG ಯಂತ್ರ ಖರೀದಿ) ಟೆಂಡರ್ ಪ್ರಕಟಣೆ. ಅರ್ಹ ಬಿಡ್‌ದಾರರು ಇ-ಪ್ರೊಕ್ಯೂರ್‌ಮೆಂಟ್ ಪೋರ್ಟಲ್ (www.kppp.karnataka.gov.in) ನಲ್ಲಿ ಟೆಂಡರ್ ದಾಖಲೆಗಳನ್ನು ಡೌನ್‌ಲೋಡ್ ಮಾಡಿಕೊಳ್ಳಬಹುದು. ಪೂರ್ವ ಬಿಡ್ ಸಭೆ ದಿನಾಂಕ: 04-03-2026 ರ ನಂತರ. ಬಿಡ್ ಸಲ್ಲಿಸಲು ಕೊನೆಯ ದಿನಾಂಕ: 17-04-2026 ಸಂಜೆ 5.30 ಗಂಟೆಯವರೆಗೆ. ತಾಂತ್ರಿಕ ಬಿಡ್ ತೆರೆಯುವ ದಿನಾಂಕ: ದಿನಾಂಕ 11.00 ಗಂಟೆಯಿಂದ 5.30 ಗಂಟೆಯವರೆಗೆ ಸಂಪರ್ಕಿಸಬಹುದು.

ಸಹಿ/- ಯೋಜನಾ ನಿರ್ದೇಶಕರು (ಆರ್.ಸಿ.ಹೆಚ್)

ವಾಆಕಇ/ಮ.ಸಂ/6000/ಜಾಹೀರಾತು/2025-26

ಕಾರ್ಯಪಾಲಕ ಇಂಜಿನಿಯರ್, ಸಣ್ಣ ನೀರಾವರಿ ಮತ್ತು ಅಂತರ್ಜಲ ಅಭಿವೃದ್ಧಿ ವಿಭಾಗ ಕಛೇರಿ, ಕಾಶಿಪುರ ವೃತ್ತ, ಶಿವಮೊಗ್ಗ-577204
ಸಂ.ಕ/ಅ.ಇ/ಶಿ.ವಿ/ಟೆಂಡರ್/ಸಂ.48/2025-26	ದಿ: 02.03.2026
ಸೆಕ್ಷನ್ 1: ಟೆಂಡರ್ ಪ್ರಕಟಣೆ (ಇ-ಪ್ರೊಕ್ಯೂರ್‌ಮೆಂಟ್) ಕಡ್ಡಾಯ - 3/4

ಕಾರ್ಯಪಾಲಕ ಇಂಜಿನಿಯರ್, ಸಣ್ಣ ನೀರಾವರಿ ಮತ್ತು ಅಂತರ್ಜಲ ಅಭಿವೃದ್ಧಿ ವಿಭಾಗ, ಶಿವಮೊಗ್ಗ ಇವರು ಶಿವಮೊಗ್ಗ ಜಿಲ್ಲೆಯ ವಿವಿಧ ಕಾಮಗಾರಿಗಳಿಗೆ ಅರ್ಹ ಗುತ್ತಿಗೆದಾರರಿಂದ ಇ-ಪ್ರೊಕ್ಯೂರ್‌ಮೆಂಟ್ ಮುಖಾಂತರ ಟೆಂಡರ್ ಆಹ್ವಾನಿಸಿದ್ದಾರೆ. ಟೆಂಡರ್ ದಾಖಲೆಗಳನ್ನು ವೆಬ್‌ಸೈಟ್ ನಿಂದ ಪಡೆಯಬಹುದು. ಟೆಂಡರ್ ಸಲ್ಲಿಸಲು ಕೊನೆಯ ದಿನಾಂಕ: 16.03.2026 17:00 ಗಂಟೆ. ಹೆಚ್ಚಿನ ಮಾಹಿತಿಗಾಗಿ ಕಚೇರಿ ವೇಳೆಯಲ್ಲಿ ಸಂಪರ್ಕಿಸಬಹುದು.

http://kppp.karnataka.gov.in

ಸಹಿ/- ಕಾರ್ಯಪಾಲಕ ಇಂಜಿನಿಯರ್, ಸಣ್ಣ ನೀರಾವರಿ ಮತ್ತು ಅಂತರ್ಜಲ ಅಭಿವೃದ್ಧಿ ವಿಭಾಗ, ಶಿವಮೊಗ್ಗ

ವಾ.ಸ.ಸ/ಸಂ/ಜಾ.ಸಂ/3-25-26/13/03/0910

ಕರ್ನಾಟಕ ಸರ್ಕಾರ ಜಿಲ್ಲಾ ಪಂಚಾಯತ್, ಬಳ್ಳಾರಿ. ಕಾರ್ಯನಿರ್ವಾಹಕ ಅಭಿಯಂತರರ ಕಛೇರಿ, ಪಂಚಾಯತ್ ರಾಜ್ ಇಂಜಿನಿಯರಿಂಗ್ ವಿಭಾಗ, ಬಳ್ಳಾರಿ.
ಸಂ: ಕಾಇಂ/ಪಂ.ರಾ.ಇಂ.ವಿ/ಬ/ಟೆಂಡರ್/2025-26/2057	ದಿನಾಂಕ: 03-03-2026
ಅಲ್ಪಾವಧಿ ಟೆಂಡರ್ ಪ್ರಕಟಣೆ (ಇ-ಪ್ರೊಕ್ಯೂರ್‌ಮೆಂಟ್ ಮುಖಾಂತರ)

ಕಾರ್ಯನಿರ್ವಾಹಕ ಅಭಿಯಂತರರು, ಪಂಚಾಯತ್ ರಾಜ್ ಇಂಜಿನಿಯರಿಂಗ್ ವಿಭಾಗ, ಬಳ್ಳಾರಿ ಇವರು 2019-20 ನೇ ಸಾಲಿನ ಕಾಮಗಾರಿಗಳಿಗೆ ಇ-ಪ್ರೊಕ್ಯೂರ್‌ಮೆಂಟ್ ಮುಖಾಂತರ ಟೆಂಡರ್ ಆಹ್ವಾನಿಸಿದ್ದಾರೆ. ಕಾಮಗಾರಿಗಳ ಇಂಡೆಂಟ್ ಸಂಖ್ಯೆ:

1.RDPR/2025-26/IND13618
2.RDPR/2025-26/BD/WORK_INDENT22289/CALL-3
3.RDPR/2025-26/RD/WORK_INDENT25325

ಟೆಂಡರ್ ಡೌನ್‌ಲೋಡ್ ಮಾಡಲು ಪ್ರಾರಂಭ ದಿನಾಂಕ: 03-03-2026 ರಿಂದ 10-03-2026 ರ ಸಂಜೆ 4.30 ಗಂಟೆಯವರೆಗೆ. ಬಿಡ್ ತೆರೆಯುವ ದಿನಾಂಕ: 11-03-2026 ರಂದು 17.30 ಗಂಟೆಗೆ.

https://kppp.karnataka.gov.in

ಸಹಿ/- ಕಾರ್ಯನಿರ್ವಾಹಕ ಅಭಿಯಂತರರು, ಪಂ.ರಾ.ಇಂ.ವಿಭಾಗ, ಬಳ್ಳಾರಿ.

ವಾ.ಸ.ಸ/ಬಳ್ಳಾರಿ/1082/ಜಾಹೀರಾತು/2025-26
